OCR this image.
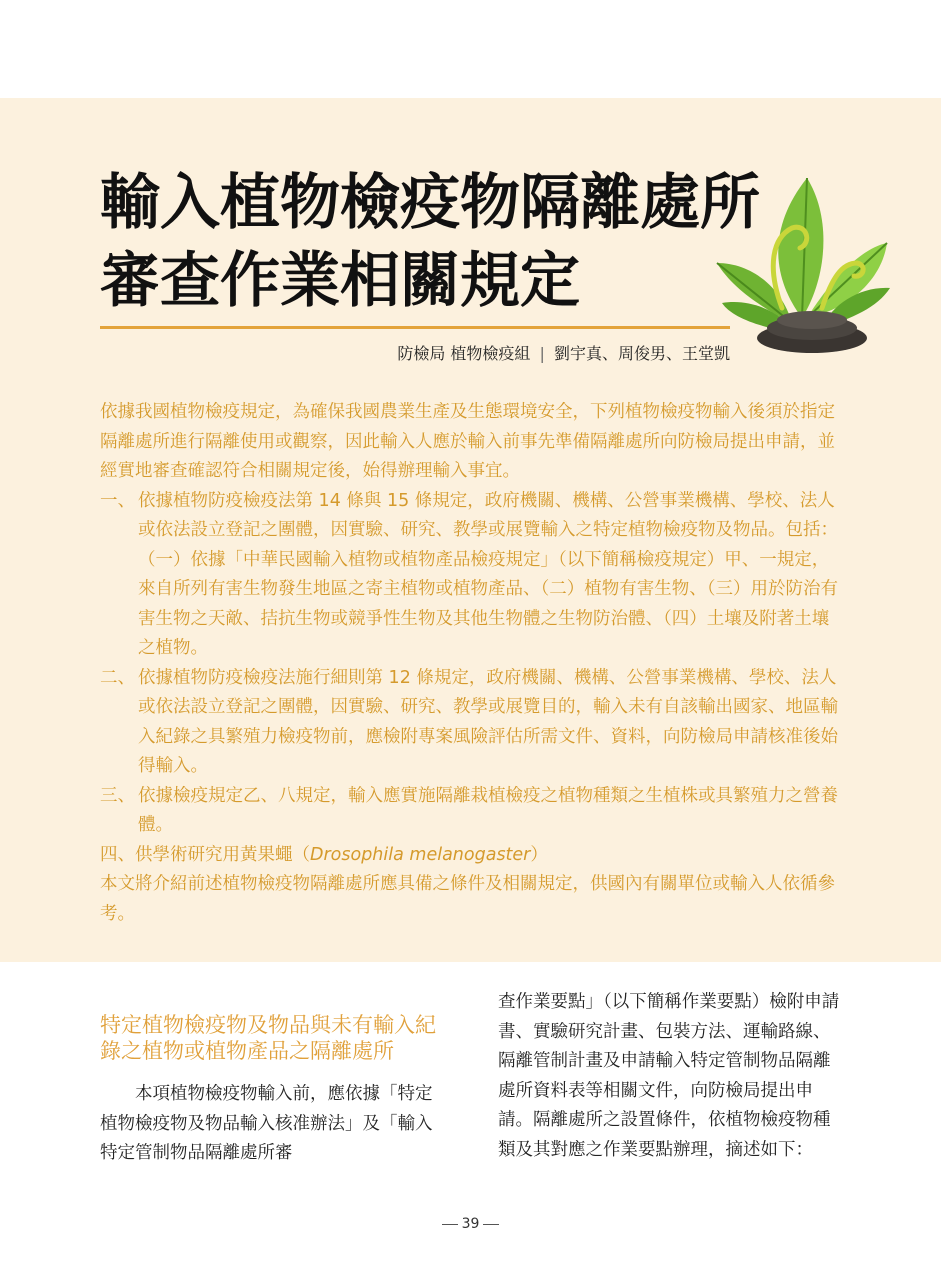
輸入植物檢疫物隔離處所
審查作業相關規定
防檢局 植物檢疫組 | 劉宇真、周俊男、王堂凱

依據我國植物檢疫規定，為確保我國農業生產及生態環境安全，下列植物檢疫物輸入後須於指定隔離處所進行隔離使用或觀察，因此輸入人應於輸入前事先準備隔離處所向防檢局提出申請，並經實地審查確認符合相關規定後，始得辦理輸入事宜。

一、 依據植物防疫檢疫法第 14 條與 15 條規定，政府機關、機構、公營事業機構、學校、法人或依法設立登記之團體，因實驗、研究、教學或展覽輸入之特定植物檢疫物及物品。包括：（一）依據「中華民國輸入植物或植物產品檢疫規定」（以下簡稱檢疫規定）甲、一規定，來自所列有害生物發生地區之寄主植物或植物產品、（二）植物有害生物、（三）用於防治有害生物之天敵、拮抗生物或競爭性生物及其他生物體之生物防治體、（四）土壤及附著土壤之植物。
二、 依據植物防疫檢疫法施行細則第 12 條規定，政府機關、機構、公營事業機構、學校、法人或依法設立登記之團體，因實驗、研究、教學或展覽目的，輸入未有自該輸出國家、地區輸入紀錄之具繁殖力檢疫物前，應檢附專案風險評估所需文件、資料，向防檢局申請核准後始得輸入。
三、 依據檢疫規定乙、八規定，輸入應實施隔離栽植檢疫之植物種類之生植株或具繁殖力之營養體。

四、供學術研究用黃果蠅（Drosophila melanogaster）

本文將介紹前述植物檢疫物隔離處所應具備之條件及相關規定，供國內有關單位或輸入人依循參考。

特定植物檢疫物及物品與未有輸入紀錄之植物或植物產品之隔離處所

本項植物檢疫物輸入前，應依據「特定植物檢疫物及物品輸入核准辦法」及「輸入特定管制物品隔離處所審

查作業要點」（以下簡稱作業要點）檢附申請書、實驗研究計畫、包裝方法、運輸路線、隔離管制計畫及申請輸入特定管制物品隔離處所資料表等相關文件，向防檢局提出申請。隔離處所之設置條件，依植物檢疫物種類及其對應之作業要點辦理，摘述如下：

39
